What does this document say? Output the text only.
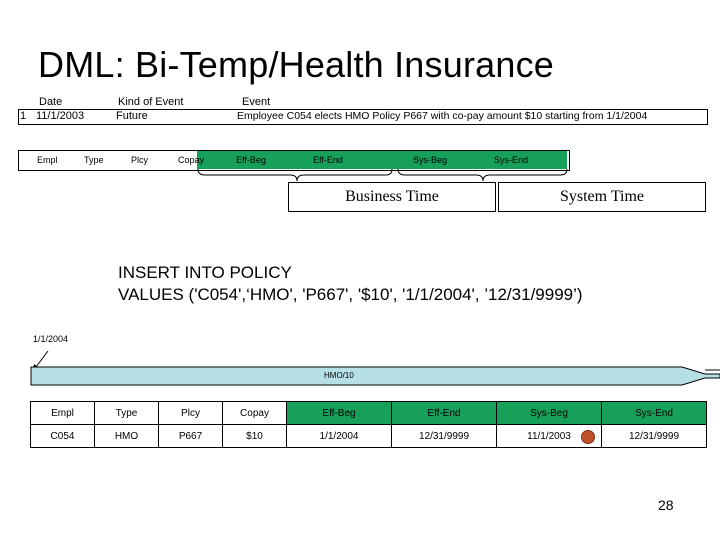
DML: Bi-Temp/Health Insurance
Date	Kind of Event	Event
1 11/1/2003	Future	Employee C054 elects HMO Policy P667 with co-pay amount $10 starting from 1/1/2004
Empl	Type	Plcy	Copay	Eff-Beg	Eff-End	Sys-Beg	Sys-End
Business Time	System Time
INSERT INTO POLICY
VALUES ('C054',‘HMO', 'P667', '$10', '1/1/2004', ’12/31/9999’)
1/1/2004
HMO/10
Empl	Type	Plcy	Copay	Eff-Beg	Eff-End	Sys-Beg	Sys-End
C054	HMO	P667	$10	1/1/2004	12/31/9999	11/1/2003	12/31/9999
28
